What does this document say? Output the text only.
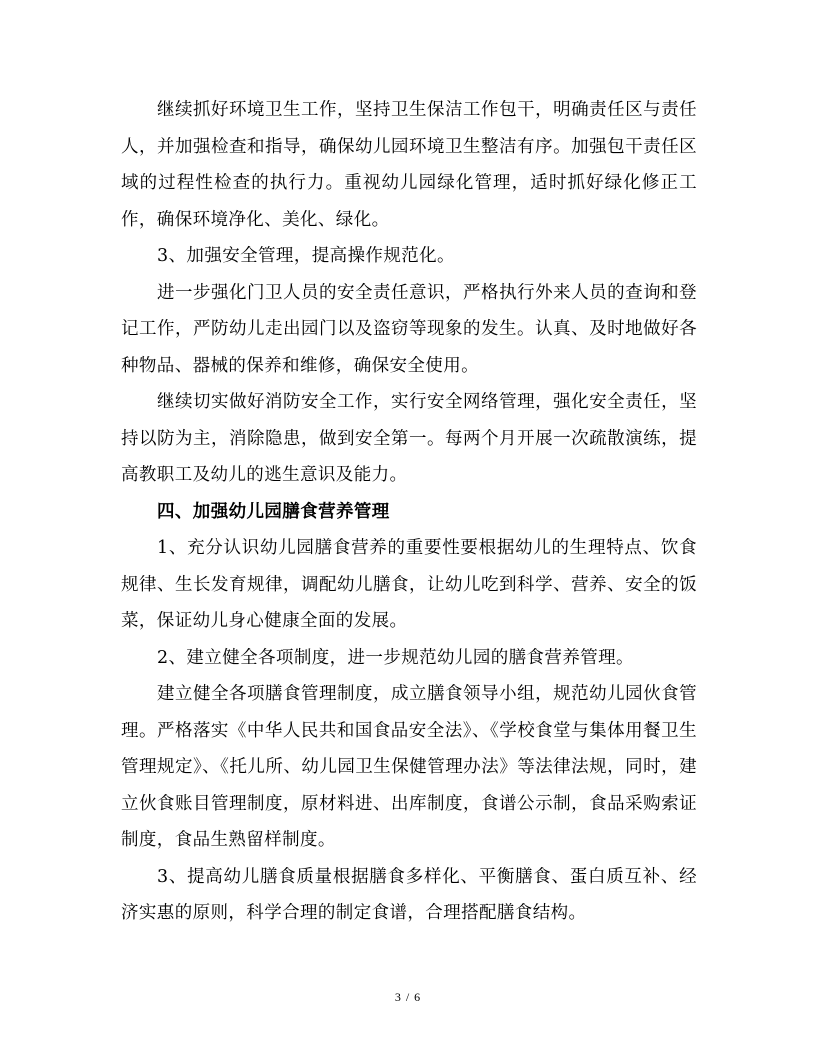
继续抓好环境卫生工作，坚持卫生保洁工作包干，明确责任区与责任人，并加强检查和指导，确保幼儿园环境卫生整洁有序。加强包干责任区域的过程性检查的执行力。重视幼儿园绿化管理，适时抓好绿化修正工作，确保环境净化、美化、绿化。

3、加强安全管理，提高操作规范化。

进一步强化门卫人员的安全责任意识，严格执行外来人员的查询和登记工作，严防幼儿走出园门以及盗窃等现象的发生。认真、及时地做好各种物品、器械的保养和维修，确保安全使用。

继续切实做好消防安全工作，实行安全网络管理，强化安全责任，坚持以防为主，消除隐患，做到安全第一。每两个月开展一次疏散演练，提高教职工及幼儿的逃生意识及能力。

四、加强幼儿园膳食营养管理

1、充分认识幼儿园膳食营养的重要性要根据幼儿的生理特点、饮食规律、生长发育规律，调配幼儿膳食，让幼儿吃到科学、营养、安全的饭菜，保证幼儿身心健康全面的发展。

2、建立健全各项制度，进一步规范幼儿园的膳食营养管理。

建立健全各项膳食管理制度，成立膳食领导小组，规范幼儿园伙食管理。严格落实《中华人民共和国食品安全法》、《学校食堂与集体用餐卫生管理规定》、《托儿所、幼儿园卫生保健管理办法》等法律法规，同时，建立伙食账目管理制度，原材料进、出库制度，食谱公示制，食品采购索证制度，食品生熟留样制度。

3、提高幼儿膳食质量根据膳食多样化、平衡膳食、蛋白质互补、经济实惠的原则，科学合理的制定食谱，合理搭配膳食结构。

3 / 6
